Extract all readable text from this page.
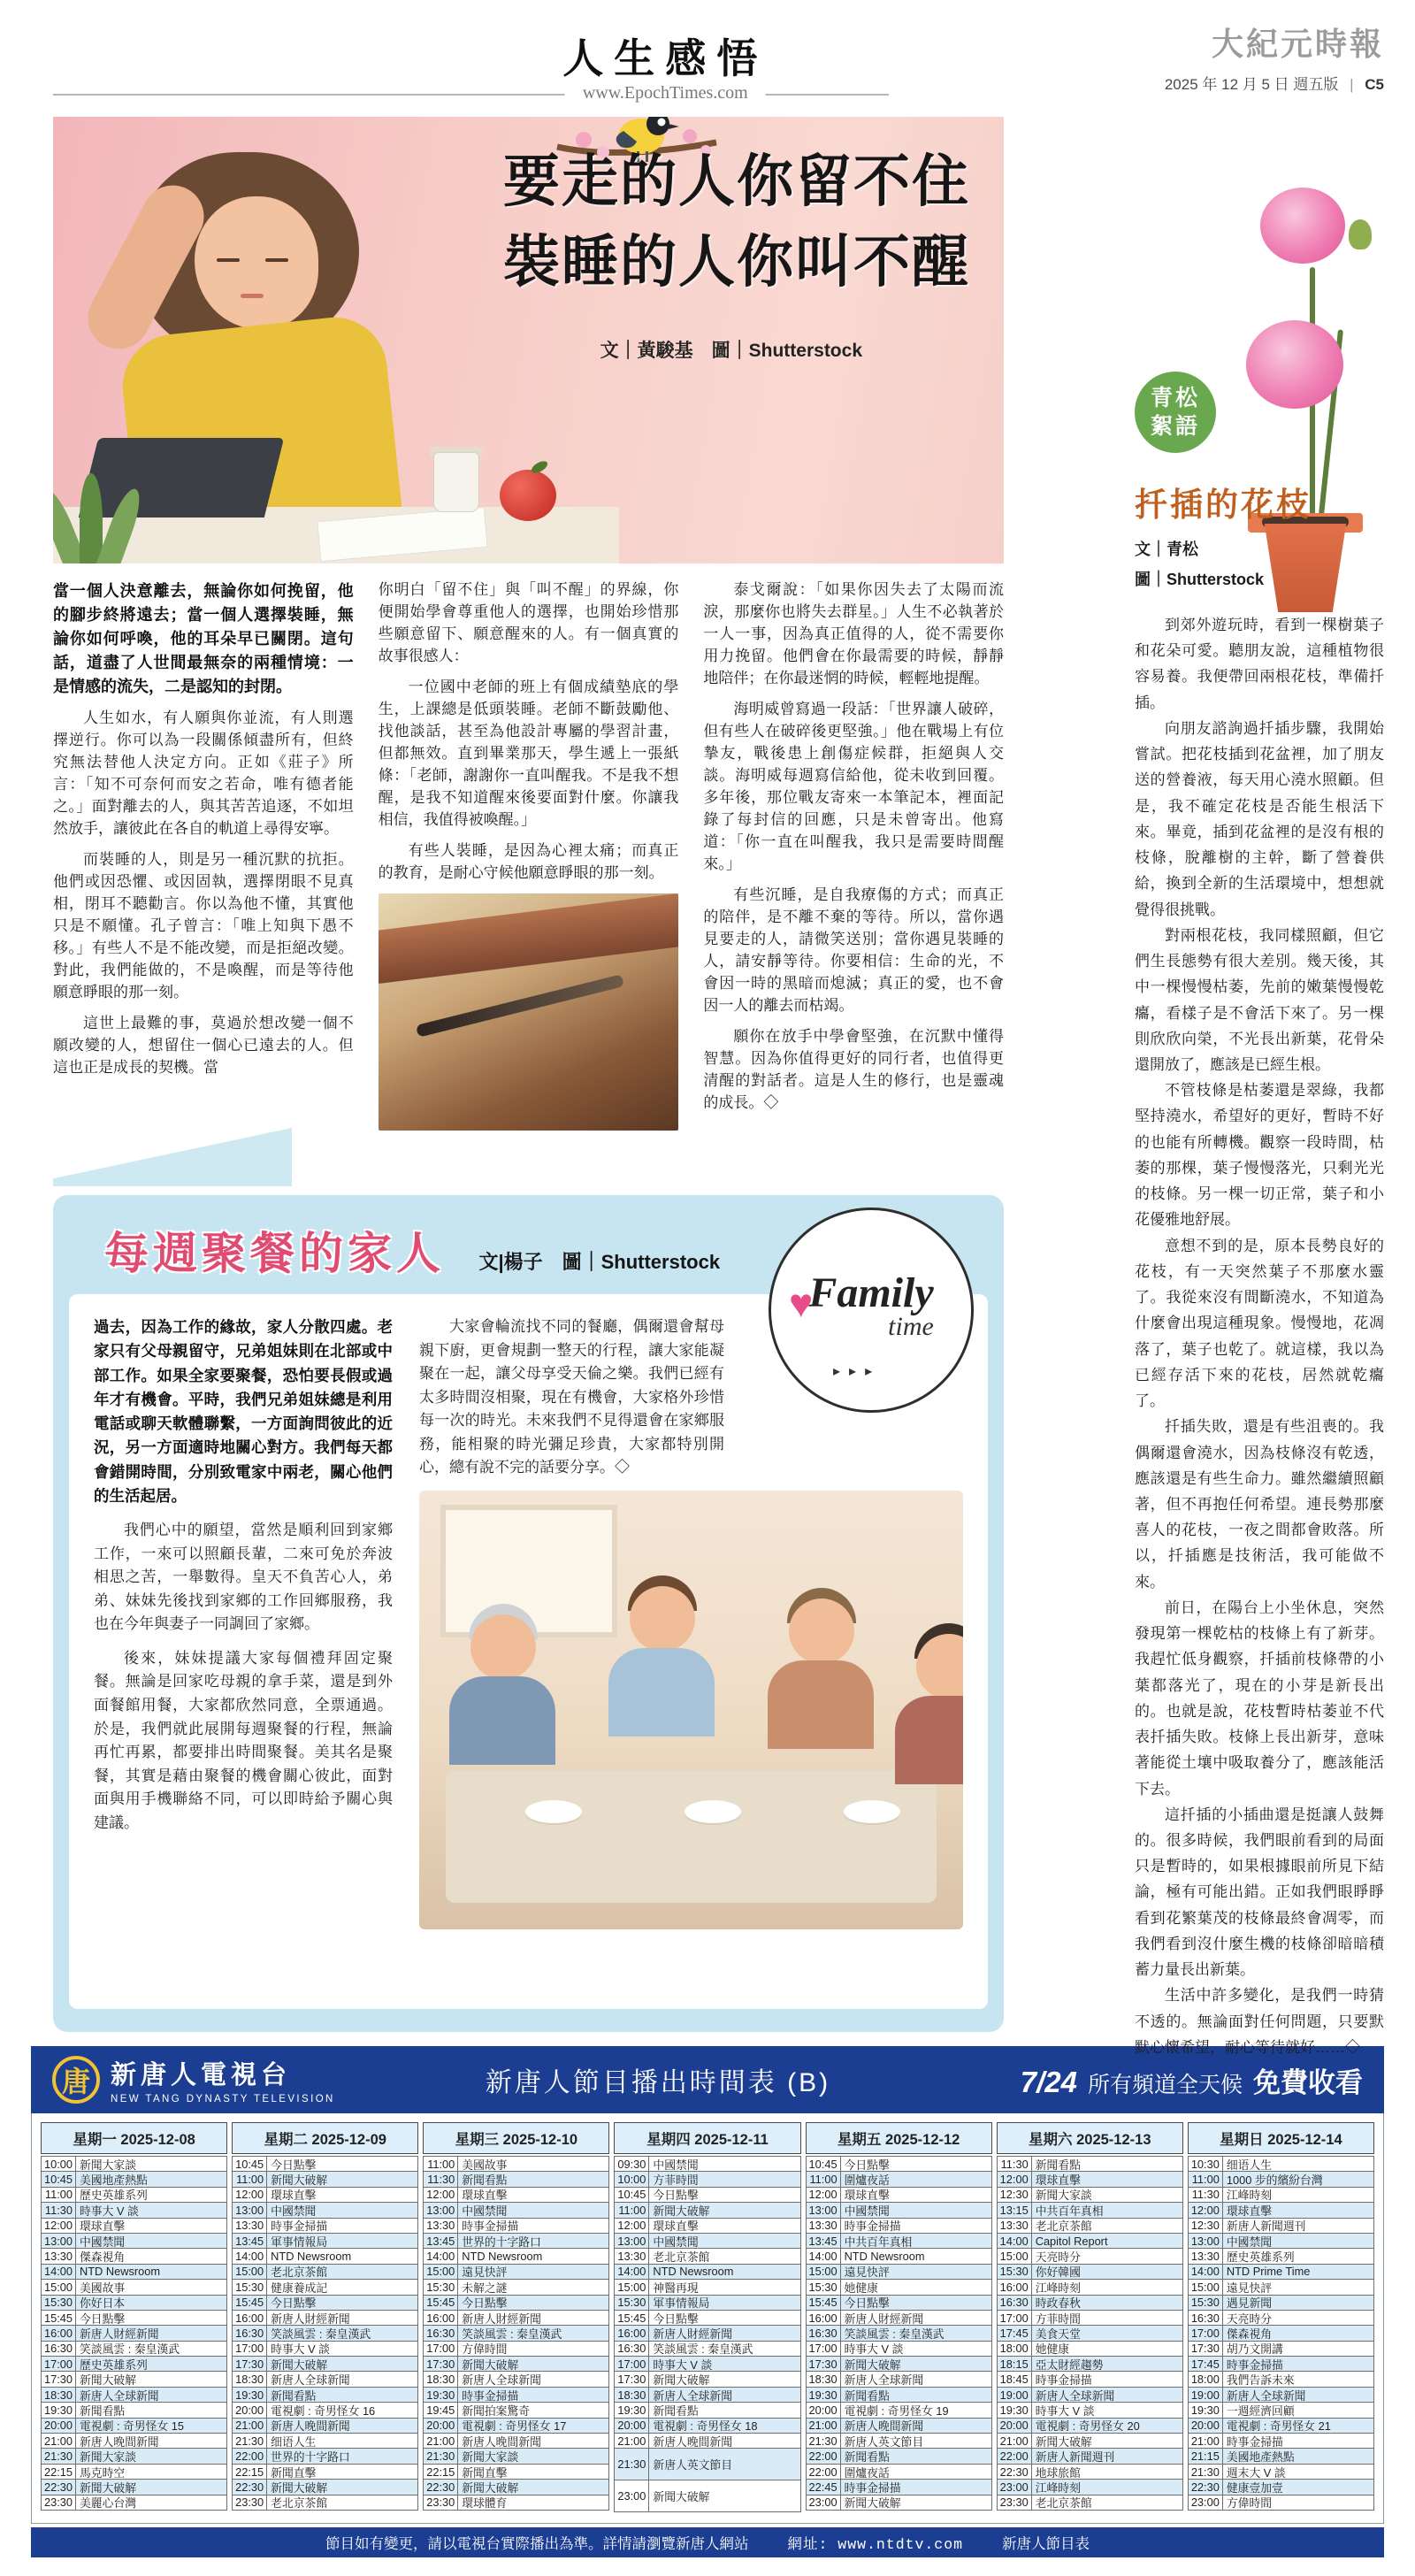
人生感悟	大紀元時報
2025 年 12 月 5 日 週五版 | C5
www.EpochTimes.com
要走的人你留不住
裝睡的人你叫不醒
文｜黃駿基　圖｜Shutterstock

當一個人決意離去，無論你如何挽留，他的腳步終將遠去；當一個人選擇裝睡，無論你如何呼喚，他的耳朵早已關閉。這句話，道盡了人世間最無奈的兩種情境：一是情感的流失，二是認知的封閉。

人生如水，有人願與你並流，有人則選擇逆行。你可以為一段關係傾盡所有，但終究無法替他人決定方向。正如《莊子》所言：「知不可奈何而安之若命，唯有德者能之。」面對離去的人，與其苦苦追逐，不如坦然放手，讓彼此在各自的軌道上尋得安寧。

而裝睡的人，則是另一種沉默的抗拒。他們或因恐懼、或因固執，選擇閉眼不見真相，閉耳不聽勸言。你以為他不懂，其實他只是不願懂。孔子曾言：「唯上知與下愚不移。」有些人不是不能改變，而是拒絕改變。對此，我們能做的，不是喚醒，而是等待他願意睜眼的那一刻。

這世上最難的事，莫過於想改變一個不願改變的人，想留住一個心已遠去的人。但這也正是成長的契機。當

你明白「留不住」與「叫不醒」的界線，你便開始學會尊重他人的選擇，也開始珍惜那些願意留下、願意醒來的人。有一個真實的故事很感人：

一位國中老師的班上有個成績墊底的學生，上課總是低頭裝睡。老師不斷鼓勵他、找他談話，甚至為他設計專屬的學習計畫，但都無效。直到畢業那天，學生遞上一張紙條：「老師，謝謝你一直叫醒我。不是我不想醒，是我不知道醒來後要面對什麼。你讓我相信，我值得被喚醒。」

有些人裝睡，是因為心裡太痛；而真正的教育，是耐心守候他願意睜眼的那一刻。

泰戈爾說：「如果你因失去了太陽而流淚，那麼你也將失去群星。」人生不必執著於一人一事，因為真正值得的人，從不需要你用力挽留。他們會在你最需要的時候，靜靜地陪伴；在你最迷惘的時候，輕輕地提醒。

海明威曾寫過一段話：「世界讓人破碎，但有些人在破碎後更堅強。」他在戰場上有位摯友，戰後患上創傷症候群，拒絕與人交談。海明威每週寫信給他，從未收到回覆。多年後，那位戰友寄來一本筆記本，裡面記錄了每封信的回應，只是未曾寄出。他寫道：「你一直在叫醒我，我只是需要時間醒來。」

有些沉睡，是自我療傷的方式；而真正的陪伴，是不離不棄的等待。所以，當你遇見要走的人，請微笑送別；當你遇見裝睡的人，請安靜等待。你要相信：生命的光，不會因一時的黑暗而熄滅；真正的愛，也不會因一人的離去而枯竭。

願你在放手中學會堅強，在沉默中懂得智慧。因為你值得更好的同行者，也值得更清醒的對話者。這是人生的修行，也是靈魂的成長。◇

每週聚餐的家人 文|楊子　圖｜Shutterstock
♥
Family
time
▸▸▸

過去，因為工作的緣故，家人分散四處。老家只有父母親留守，兄弟姐妹則在北部或中部工作。如果全家要聚餐，恐怕要長假或過年才有機會。平時，我們兄弟姐妹總是利用電話或聊天軟體聯繫，一方面詢問彼此的近況，另一方面適時地關心對方。我們每天都會錯開時間，分別致電家中兩老，關心他們的生活起居。

我們心中的願望，當然是順利回到家鄉工作，一來可以照顧長輩，二來可免於奔波相思之苦，一舉數得。皇天不負苦心人，弟弟、妹妹先後找到家鄉的工作回鄉服務，我也在今年與妻子一同調回了家鄉。

後來，妹妹提議大家每個禮拜固定聚餐。無論是回家吃母親的拿手菜，還是到外面餐館用餐，大家都欣然同意，全票通過。於是，我們就此展開每週聚餐的行程，無論再忙再累，都要排出時間聚餐。美其名是聚餐，其實是藉由聚餐的機會關心彼此，面對面與用手機聯絡不同，可以即時給予關心與建議。

大家會輪流找不同的餐廳，偶爾還會幫母親下廚，更會規劃一整天的行程，讓大家能凝聚在一起，讓父母享受天倫之樂。我們已經有太多時間沒相聚，現在有機會，大家格外珍惜每一次的時光。未來我們不見得還會在家鄉服務，能相聚的時光彌足珍貴，大家都特別開心，總有說不完的話要分享。◇

青松
絮語
扦插的花枝
文｜青松
圖｜Shutterstock

到郊外遊玩時，看到一棵樹葉子和花朵可愛。聽朋友說，這種植物很容易養。我便帶回兩根花枝，準備扦插。

向朋友諮詢過扦插步驟，我開始嘗試。把花枝插到花盆裡，加了朋友送的營養液，每天用心澆水照顧。但是，我不確定花枝是否能生根活下來。畢竟，插到花盆裡的是沒有根的枝條，脫離樹的主幹，斷了營養供給，換到全新的生活環境中，想想就覺得很挑戰。

對兩根花枝，我同樣照顧，但它們生長態勢有很大差別。幾天後，其中一棵慢慢枯萎，先前的嫩葉慢慢乾癟，看樣子是不會活下來了。另一棵則欣欣向榮，不光長出新葉，花骨朵還開放了，應該是已經生根。

不管枝條是枯萎還是翠綠，我都堅持澆水，希望好的更好，暫時不好的也能有所轉機。觀察一段時間，枯萎的那棵，葉子慢慢落光，只剩光光的枝條。另一棵一切正常，葉子和小花優雅地舒展。

意想不到的是，原本長勢良好的花枝，有一天突然葉子不那麼水靈了。我從來沒有間斷澆水，不知道為什麼會出現這種現象。慢慢地，花凋落了，葉子也乾了。就這樣，我以為已經存活下來的花枝，居然就乾癟了。

扦插失敗，還是有些沮喪的。我偶爾還會澆水，因為枝條沒有乾透，應該還是有些生命力。雖然繼續照顧著，但不再抱任何希望。連長勢那麼喜人的花枝，一夜之間都會敗落。所以，扦插應是技術活，我可能做不來。

前日，在陽台上小坐休息，突然發現第一棵乾枯的枝條上有了新芽。我趕忙低身觀察，扦插前枝條帶的小葉都落光了，現在的小芽是新長出的。也就是說，花枝暫時枯萎並不代表扦插失敗。枝條上長出新芽，意味著能從土壤中吸取養分了，應該能活下去。

這扦插的小插曲還是挺讓人鼓舞的。很多時候，我們眼前看到的局面只是暫時的，如果根據眼前所見下結論，極有可能出錯。正如我們眼睜睜看到花繁葉茂的枝條最終會凋零，而我們看到沒什麼生機的枝條卻暗暗積蓄力量長出新葉。

生活中許多變化，是我們一時猜不透的。無論面對任何問題，只要默默心懷希望，耐心等待就好……◇

唐 新唐人電視台
NEW TANG DYNASTY TELEVISION
新唐人節目播出時間表 (B)	7/24 所有頻道全天候 免費收看
星期一 2025-12-08
10:00 新聞大家談
10:45 美國地產熱點
11:00 歷史英雄系列
11:30 時事大 V 談
12:00 環球直擊
13:00 中國禁聞
13:30 傑森視角
14:00 NTD Newsroom
15:00 美國故事
15:30 你好日本
15:45 今日點擊
16:00 新唐人財經新聞
16:30 笑談風雲 : 秦皇漢武
17:00 歷史英雄系列
17:30 新聞大破解
18:30 新唐人全球新聞
19:30 新聞看點
20:00 電視劇 : 奇男怪女 15
21:00 新唐人晚間新聞
21:30 新聞大家談
22:15 馬克時空
22:30 新聞大破解
23:30 美麗心台灣
星期二 2025-12-09
10:45 今日點擊
11:00 新聞大破解
12:00 環球直擊
13:00 中國禁聞
13:30 時事金掃描
13:45 軍事情報局
14:00 NTD Newsroom
15:00 老北京茶館
15:30 健康養成記
15:45 今日點擊
16:00 新唐人財經新聞
16:30 笑談風雲 : 秦皇漢武
17:00 時事大 V 談
17:30 新聞大破解
18:30 新唐人全球新聞
19:30 新聞看點
20:00 電視劇 : 奇男怪女 16
21:00 新唐人晚間新聞
21:30 细语人生
22:00 世界的十字路口
22:15 新聞直擊
22:30 新聞大破解
23:30 老北京茶館
星期三 2025-12-10
11:00 美國故事
11:30 新聞看點
12:00 環球直擊
13:00 中國禁聞
13:30 時事金掃描
13:45 世界的十字路口
14:00 NTD Newsroom
15:00 遠見快評
15:30 未解之謎
15:45 今日點擊
16:00 新唐人財經新聞
16:30 笑談風雲 : 秦皇漢武
17:00 方偉時間
17:30 新聞大破解
18:30 新唐人全球新聞
19:30 時事金掃描
19:45 新聞拍案驚奇
20:00 電視劇 : 奇男怪女 17
21:00 新唐人晚間新聞
21:30 新聞大家談
22:15 新聞直擊
22:30 新聞大破解
23:30 環球體育
星期四 2025-12-11
09:30 中國禁聞
10:00 方菲時間
10:45 今日點擊
11:00 新聞大破解
12:00 環球直擊
13:00 中國禁聞
13:30 老北京茶館
14:00 NTD Newsroom
15:00 神醫再現
15:30 軍事情報局
15:45 今日點擊
16:00 新唐人財經新聞
16:30 笑談風雲 : 秦皇漢武
17:00 時事大 V 談
17:30 新聞大破解
18:30 新唐人全球新聞
19:30 新聞看點
20:00 電視劇 : 奇男怪女 18
21:00 新唐人晚間新聞
21:30 新唐人英文節目
23:00 新聞大破解
星期五 2025-12-12
10:45 今日點擊
11:00 圍爐夜話
12:00 環球直擊
13:00 中國禁聞
13:30 時事金掃描
13:45 中共百年真相
14:00 NTD Newsroom
15:00 遠見快評
15:30 她健康
15:45 今日點擊
16:00 新唐人財經新聞
16:30 笑談風雲 : 秦皇漢武
17:00 時事大 V 談
17:30 新聞大破解
18:30 新唐人全球新聞
19:30 新聞看點
20:00 電視劇 : 奇男怪女 19
21:00 新唐人晚間新聞
21:30 新唐人英文節目
22:00 新聞看點
22:00 圍爐夜話
22:45 時事金掃描
23:00 新聞大破解
星期六 2025-12-13
11:30 新聞看點
12:00 環球直擊
12:30 新聞大家談
13:15 中共百年真相
13:30 老北京茶館
14:00 Capitol Report
15:00 天亮時分
15:30 你好韓國
16:00 江峰時刻
16:30 時政春秋
17:00 方菲時間
17:45 美食天堂
18:00 她健康
18:15 亞太財經趨勢
18:45 時事金掃描
19:00 新唐人全球新聞
19:30 時事大 V 談
20:00 電視劇 : 奇男怪女 20
21:00 新聞大破解
22:00 新唐人新聞週刊
22:30 地球旅館
23:00 江峰時刻
23:30 老北京茶館
星期日 2025-12-14
10:30 细语人生
11:00 1000 步的繽紛台灣
11:30 江峰時刻
12:00 環球直擊
12:30 新唐人新聞週刊
13:00 中國禁聞
13:30 歷史英雄系列
14:00 NTD Prime Time
15:00 遠見快評
15:30 遇見新聞
16:30 天亮時分
17:00 傑森視角
17:30 胡乃文開講
17:45 時事金掃描
18:00 我們告訴未來
19:00 新唐人全球新聞
19:30 一週經濟回顧
20:00 電視劇 : 奇男怪女 21
21:00 時事金掃描
21:15 美國地產熱點
21:30 週末大 V 談
22:30 健康壹加壹
23:00 方偉時間
節目如有變更，請以電視台實際播出為準。詳情請瀏覽新唐人網站	網址: www.ntdtv.com	新唐人節目表
